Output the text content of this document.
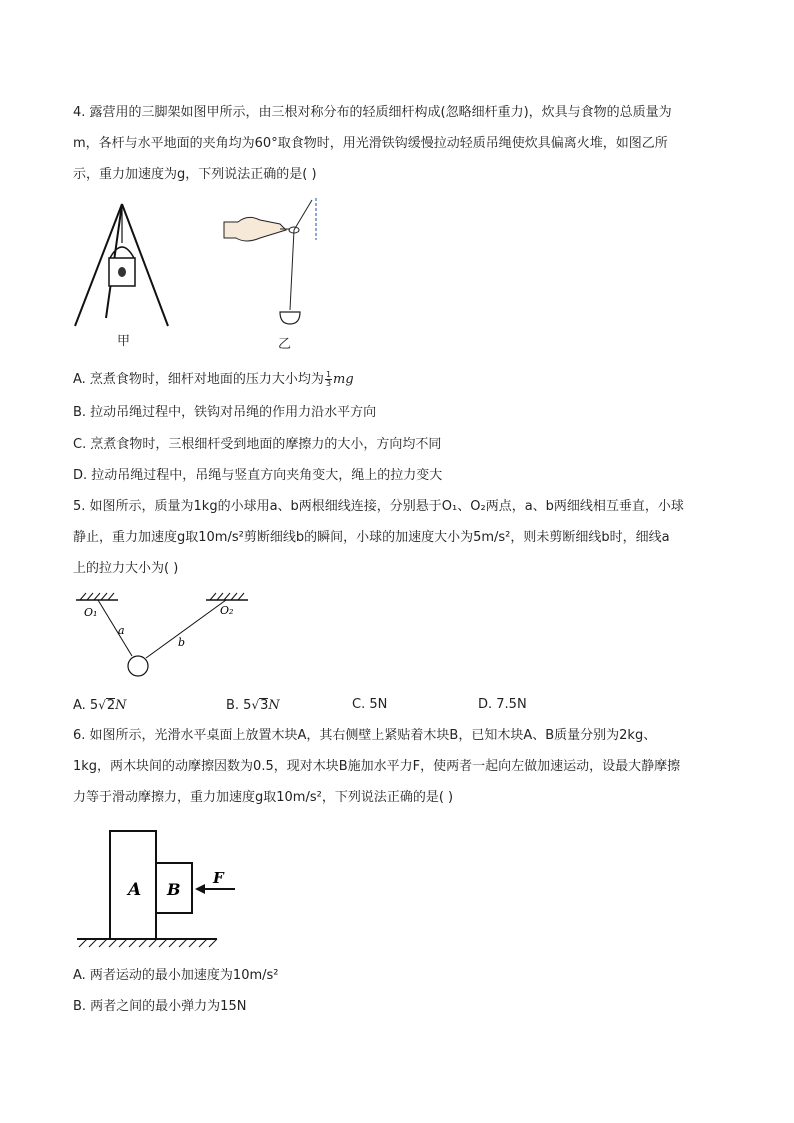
4. 露营用的三脚架如图甲所示，由三根对称分布的轻质细杆构成(忽略细杆重力)，炊具与食物的总质量为
m，各杆与水平地面的夹角均为60°取食物时，用光滑铁钩缓慢拉动轻质吊绳使炊具偏离火堆，如图乙所
示，重力加速度为g，下列说法正确的是( )
甲	乙
A. 烹煮食物时，细杆对地面的压力大小均为 $\frac{1}{3}$ mg
B. 拉动吊绳过程中，铁钩对吊绳的作用力沿水平方向
C. 烹煮食物时，三根细杆受到地面的摩擦力的大小，方向均不同
D. 拉动吊绳过程中，吊绳与竖直方向夹角变大，绳上的拉力变大
5. 如图所示，质量为1kg的小球用a、b两根细线连接，分别悬于O₁、O₂两点，a、b两细线相互垂直，小球
静止，重力加速度g取10m/s²剪断细线b的瞬间，小球的加速度大小为5m/s²，则未剪断细线b时，细线a
上的拉力大小为( )
O₁	O₂
a
b
A. 5√2N	B. 5√3N	C. 5N	D. 7.5N
6. 如图所示，光滑水平桌面上放置木块A，其右侧壁上紧贴着木块B，已知木块A、B质量分别为2kg、
1kg，两木块间的动摩擦因数为0.5，现对木块B施加水平力F，使两者一起向左做加速运动，设最大静摩擦
力等于滑动摩擦力，重力加速度g取10m/s²，下列说法正确的是( )
A B
F
A. 两者运动的最小加速度为10m/s²
B. 两者之间的最小弹力为15N
